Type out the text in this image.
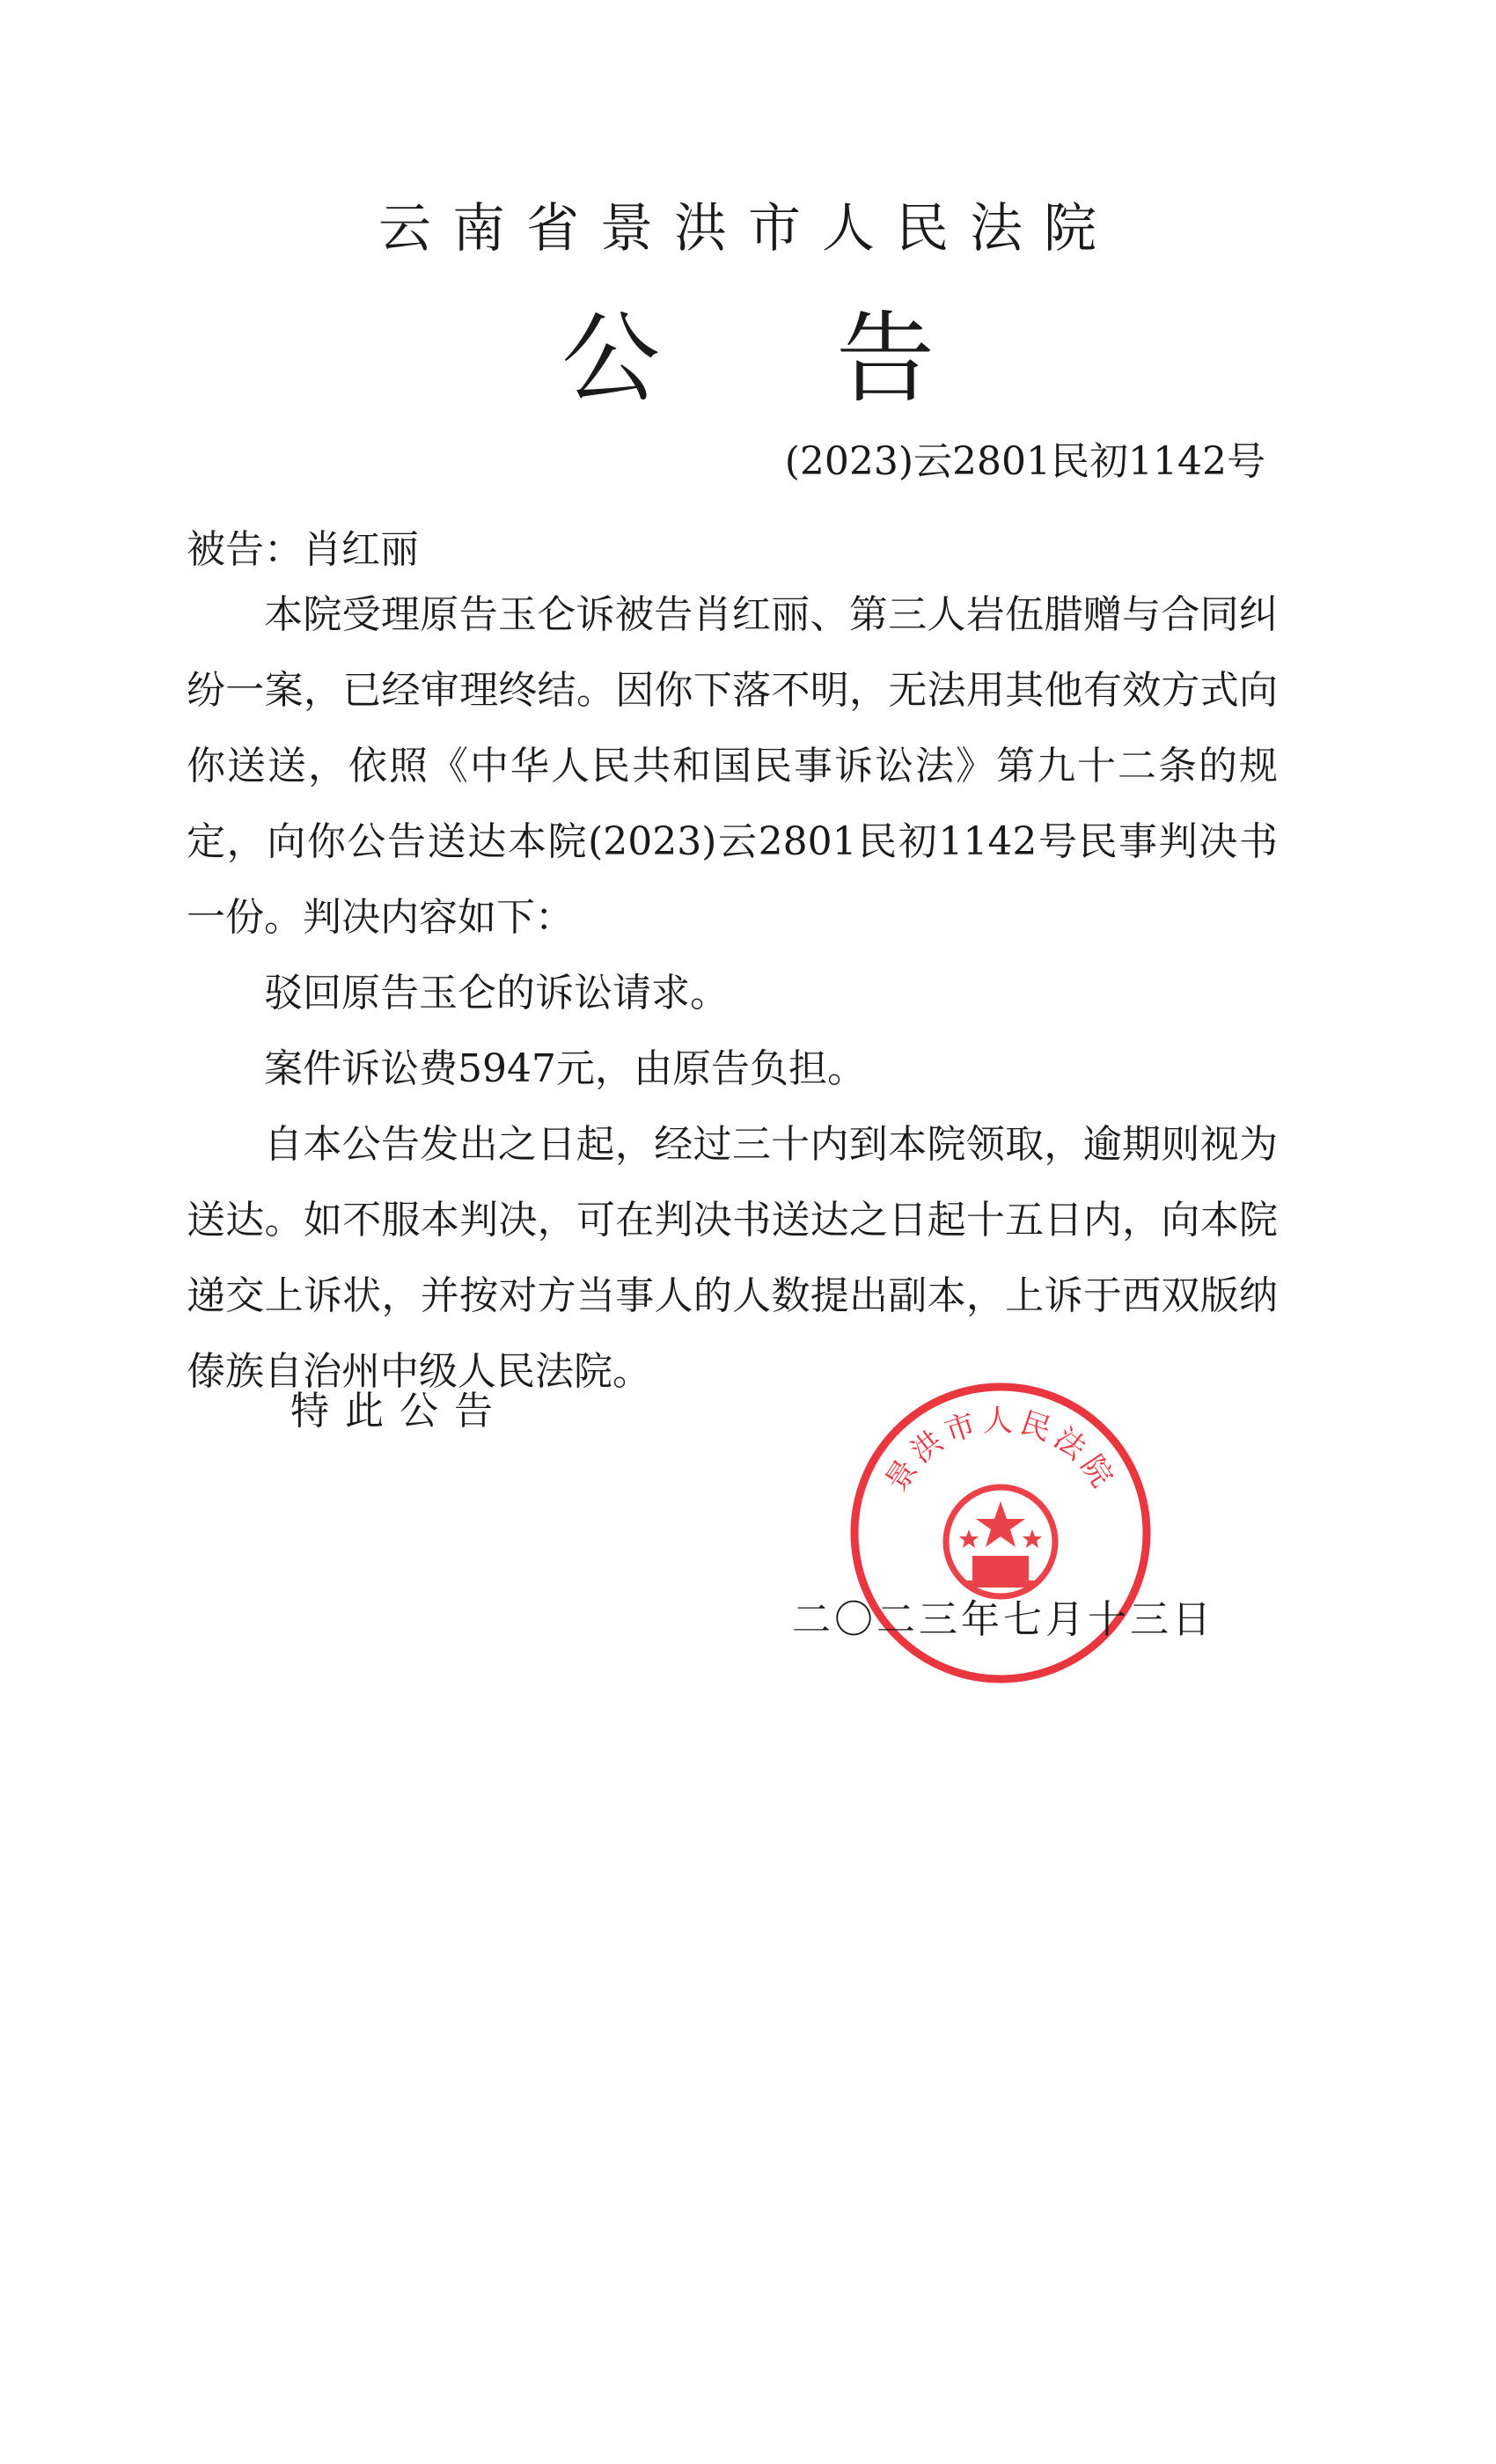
云南省景洪市人民法院
公告
(2023)云2801民初1142号
被告：肖红丽

本院受理原告玉仑诉被告肖红丽、第三人岩伍腊赠与合同纠纷一案，已经审理终结。因你下落不明，无法用其他有效方式向你送送，依照《中华人民共和国民事诉讼法》第九十二条的规定，向你公告送达本院(2023)云2801民初1142号民事判决书一份。判决内容如下：

驳回原告玉仑的诉讼请求。

案件诉讼费5947元，由原告负担。

自本公告发出之日起，经过三十内到本院领取，逾期则视为送达。如不服本判决，可在判决书送达之日起十五日内，向本院递交上诉状，并按对方当事人的人数提出副本，上诉于西双版纳傣族自治州中级人民法院。

特此公告
景洪市人民法院
二〇二三年七月十三日
